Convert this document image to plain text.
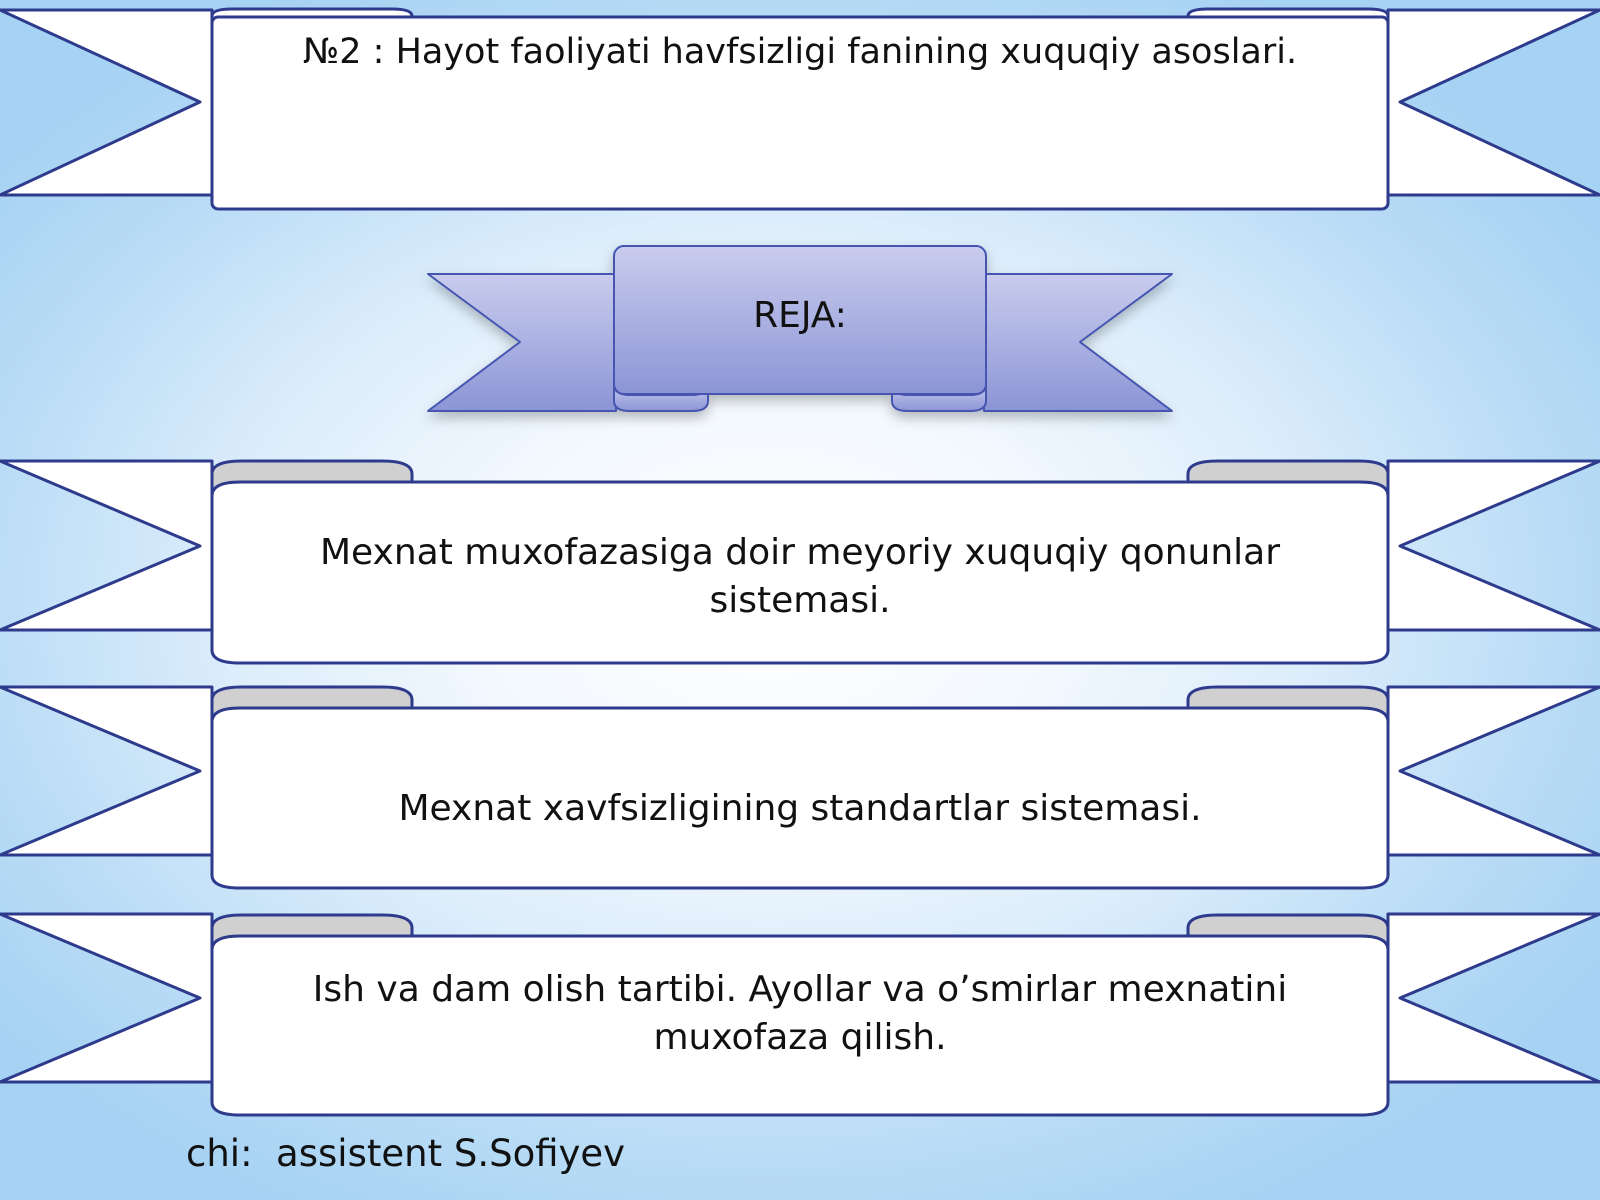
№2 : Hayot faoliyati havfsizligi fanining xuquqiy asoslari.
REJA:
Mexnat muxofazasiga doir meyoriy xuquqiy qonunlar sistemasi.
Mexnat xavfsizligining standartlar sistemasi.
Ish va dam olish tartibi. Ayollar va o’smirlar mexnatini muxofaza qilish.
chi:  assistent S.Sofiyev
